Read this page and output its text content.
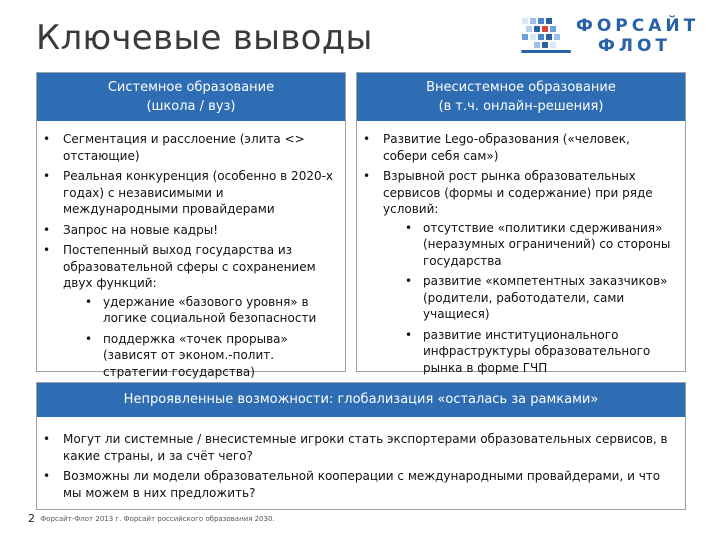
Ключевые выводы	ФОРСАЙТ
ФЛОТ
Системное образование
(школа / вуз)
• Сегментация и расслоение (элита <> отстающие)
• Реальная конкуренция (особенно в 2020-х годах) с независимыми и международными провайдерами
• Запрос на новые кадры!
• Постепенный выход государства из образовательной сферы с сохранением двух функций:
• удержание «базового уровня» в логике социальной безопасности
• поддержка «точек прорыва» (зависят от эконом.-полит. стратегии государства)
Внесистемное образование
(в т.ч. онлайн-решения)
• Развитие Lego-образования («человек, собери себя сам»)
• Взрывной рост рынка образовательных сервисов (формы и содержание) при ряде условий:
• отсутствие «политики сдерживания» (неразумных ограничений) со стороны государства
• развитие «компетентных заказчиков» (родители, работодатели, сами учащиеся)
• развитие институционального инфраструктуры образовательного рынка в форме ГЧП
Непроявленные возможности: глобализация «осталась за рамками»
• Могут ли системные / внесистемные игроки стать экспортерами образовательных сервисов, в какие страны, и за счёт чего?
• Возможны ли модели образовательной кооперации с международными провайдерами, и что мы можем в них предложить?
2 Форсайт-Флот 2013 г. Форсайт российского образования 2030.
